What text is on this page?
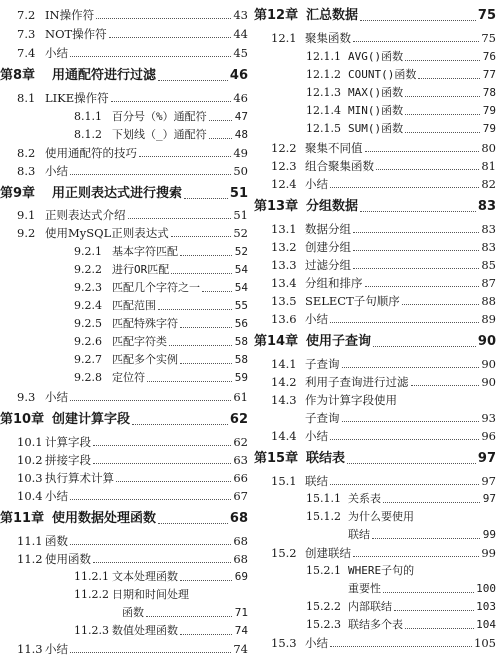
7.2 IN操作符	43
7.3 NOT操作符	44
7.4 小结	45
第8章	用通配符进行过滤	46
8.1 LIKE操作符	46
8.1.1 百分号（%）通配符	47
8.1.2 下划线（_）通配符	48
8.2 使用通配符的技巧	49
8.3 小结	50
第9章	用正则表达式进行搜索	51
9.1 正则表达式介绍	51
9.2 使用MySQL正则表达式	52
9.2.1 基本字符匹配	52
9.2.2 进行OR匹配	54
9.2.3 匹配几个字符之一	54
9.2.4 匹配范围	55
9.2.5 匹配特殊字符	56
9.2.6 匹配字符类	58
9.2.7 匹配多个实例	58
9.2.8 定位符	59
9.3 小结	61
第10章 创建计算字段	62
10.1 计算字段	62
10.2 拼接字段	63
10.3 执行算术计算	66
10.4 小结	67
第11章 使用数据处理函数	68
11.1 函数	68
11.2 使用函数	68
11.2.1 文本处理函数	69
11.2.2 日期和时间处理
函数	71
11.2.3 数值处理函数	74
11.3 小结	74
第12章 汇总数据	75
12.1 聚集函数	75
12.1.1 AVG()函数	76
12.1.2 COUNT()函数	77
12.1.3 MAX()函数	78
12.1.4 MIN()函数	79
12.1.5 SUM()函数	79
12.2 聚集不同值	80
12.3 组合聚集函数	81
12.4 小结	82
第13章 分组数据	83
13.1 数据分组	83
13.2 创建分组	83
13.3 过滤分组	85
13.4 分组和排序	87
13.5 SELECT子句顺序	88
13.6 小结	89
第14章 使用子查询	90
14.1 子查询	90
14.2 利用子查询进行过滤	90
14.3 作为计算字段使用
子查询	93
14.4 小结	96
第15章 联结表	97
15.1 联结	97
15.1.1 关系表	97
15.1.2 为什么要使用
联结	99
15.2 创建联结	99
15.2.1 WHERE子句的
重要性	100
15.2.2 内部联结	103
15.2.3 联结多个表	104
15.3 小结	105
